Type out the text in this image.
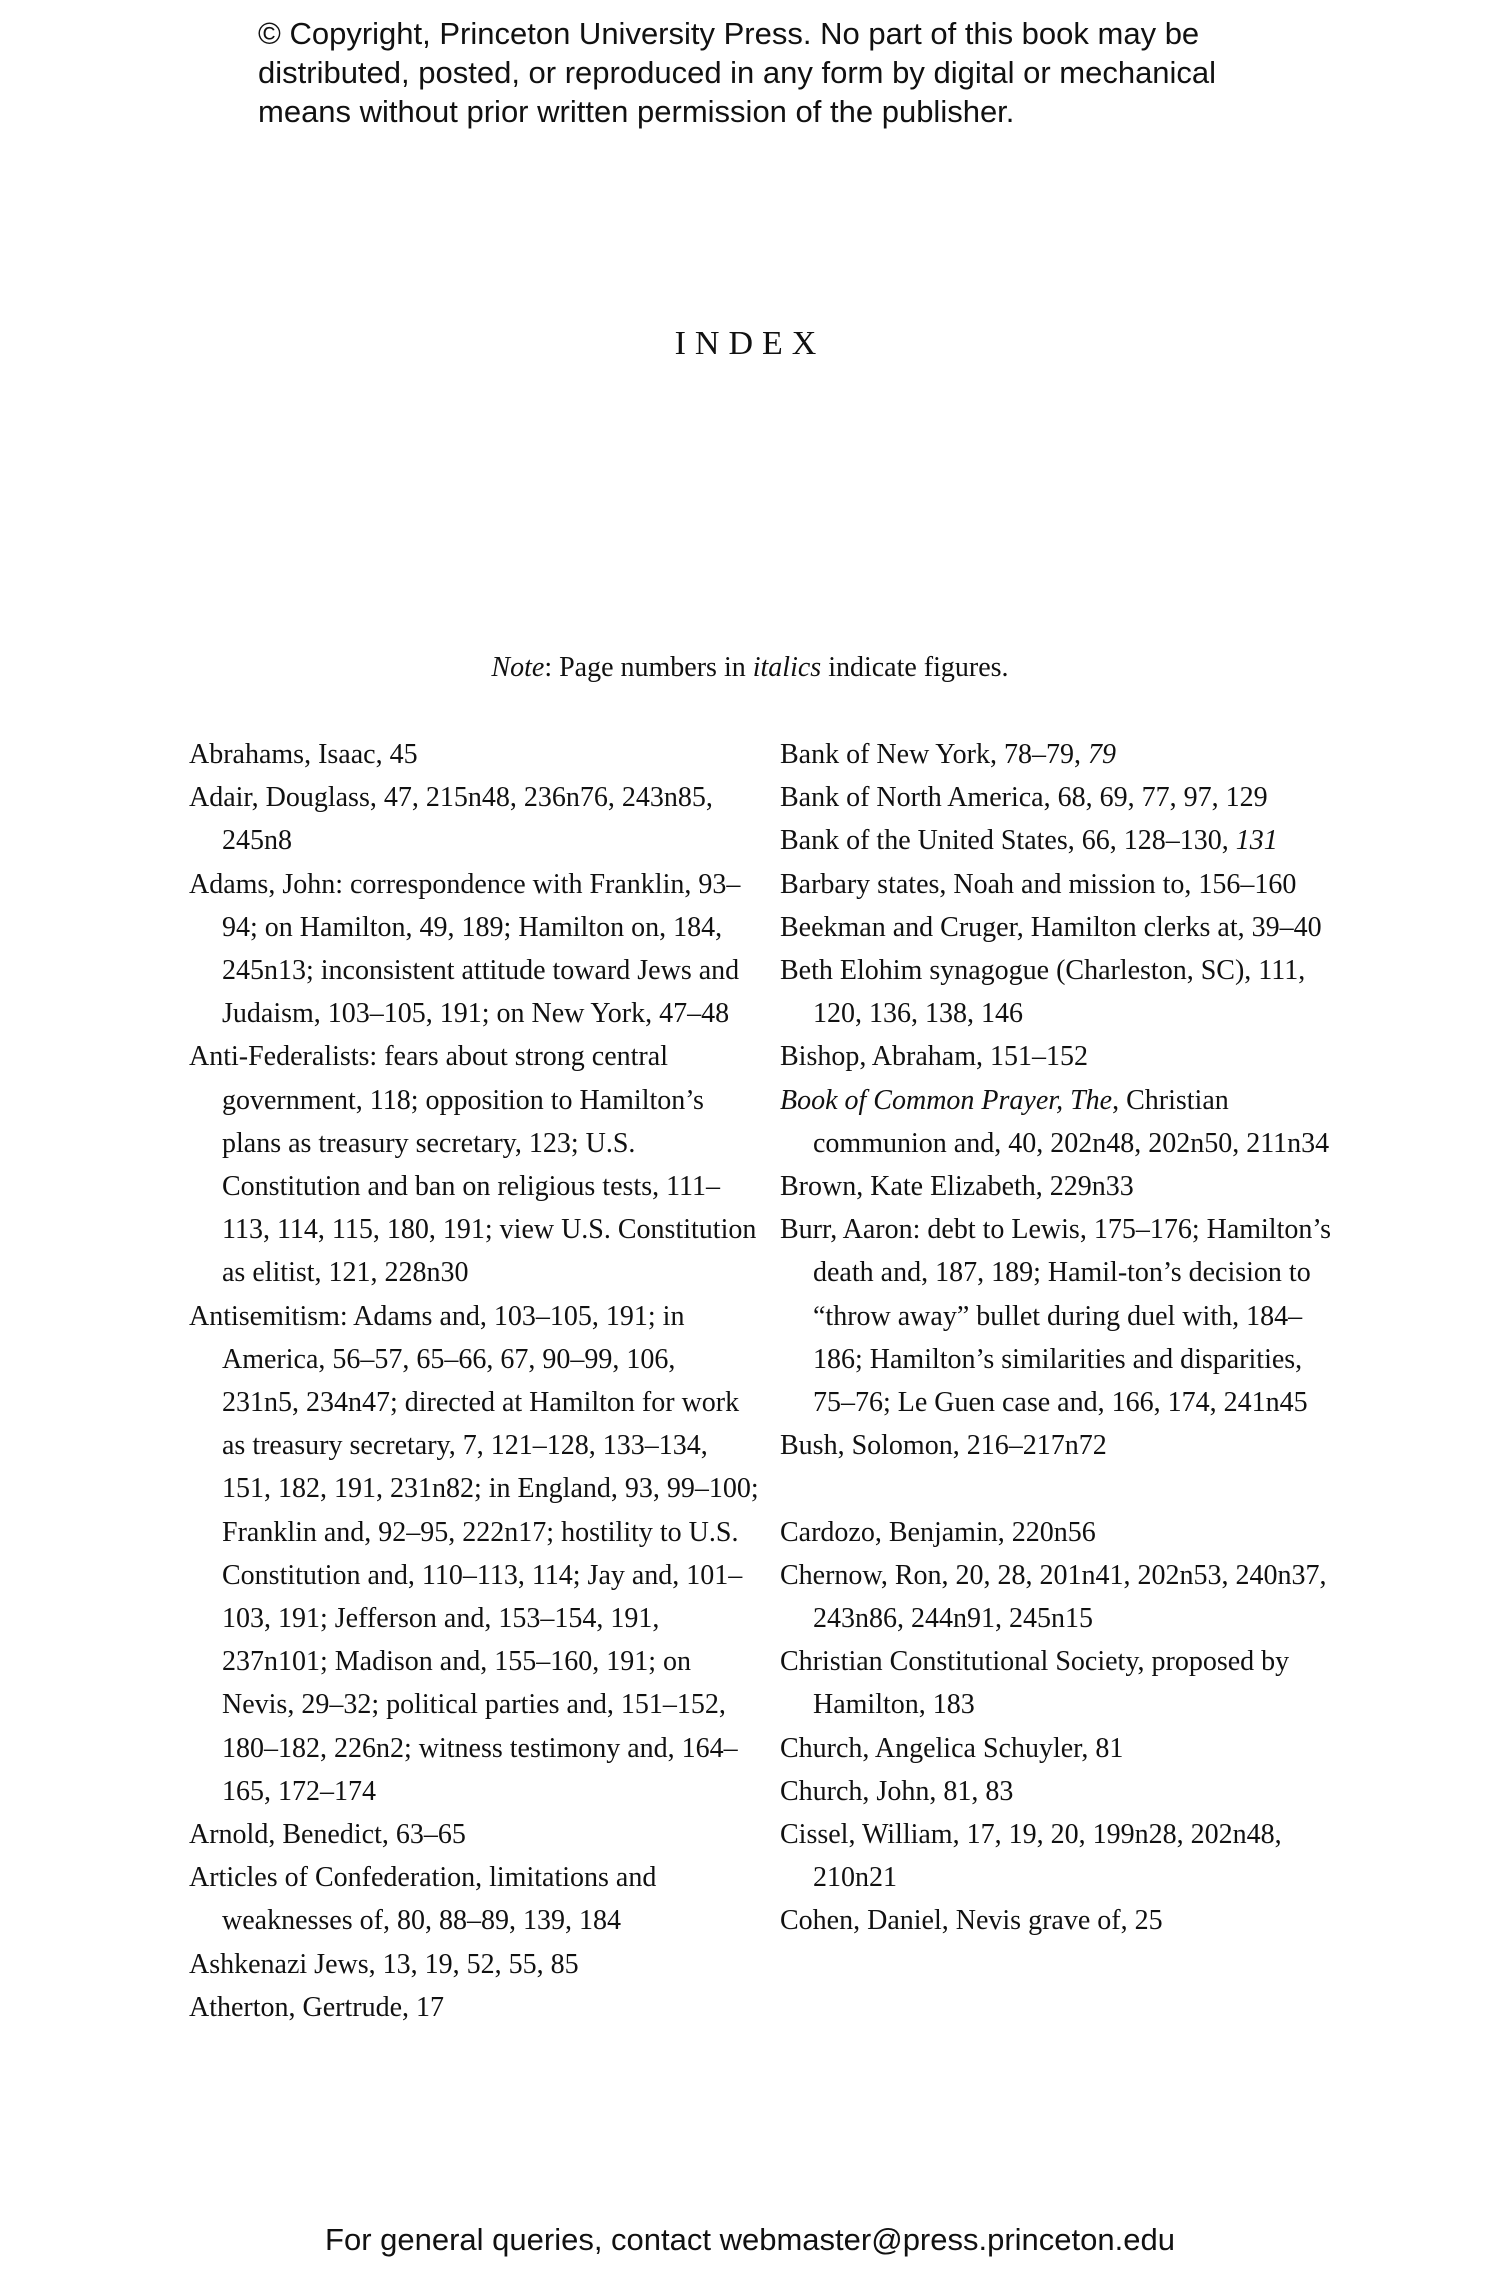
© Copyright, Princeton University Press. No part of this book may be distributed, posted, or reproduced in any form by digital or mechanical means without prior written permission of the publisher.
INDEX
Note: Page numbers in italics indicate figures.
Abrahams, Isaac, 45
Adair, Douglass, 47, 215n48, 236n76, 243n85, 245n8
Adams, John: correspondence with Franklin, 93–94; on Hamilton, 49, 189; Hamilton on, 184, 245n13; inconsistent attitude toward Jews and Judaism, 103–105, 191; on New York, 47–48
Anti-Federalists: fears about strong central government, 118; opposition to Hamilton’s plans as treasury secretary, 123; U.S. Constitution and ban on religious tests, 111–113, 114, 115, 180, 191; view U.S. Constitution as elitist, 121, 228n30
Antisemitism: Adams and, 103–105, 191; in America, 56–57, 65–66, 67, 90–99, 106, 231n5, 234n47; directed at Hamilton for work as treasury secretary, 7, 121–128, 133–134, 151, 182, 191, 231n82; in England, 93, 99–100; Franklin and, 92–95, 222n17; hostility to U.S. Constitution and, 110–113, 114; Jay and, 101–103, 191; Jefferson and, 153–154, 191, 237n101; Madison and, 155–160, 191; on Nevis, 29–32; political parties and, 151–152, 180–182, 226n2; witness testimony and, 164–165, 172–174
Arnold, Benedict, 63–65
Articles of Confederation, limitations and weaknesses of, 80, 88–89, 139, 184
Ashkenazi Jews, 13, 19, 52, 55, 85
Atherton, Gertrude, 17
Bank of New York, 78–79, 79
Bank of North America, 68, 69, 77, 97, 129
Bank of the United States, 66, 128–130, 131
Barbary states, Noah and mission to, 156–160
Beekman and Cruger, Hamilton clerks at, 39–40
Beth Elohim synagogue (Charleston, SC), 111, 120, 136, 138, 146
Bishop, Abraham, 151–152
Book of Common Prayer, The, Christian communion and, 40, 202n48, 202n50, 211n34
Brown, Kate Elizabeth, 229n33
Burr, Aaron: debt to Lewis, 175–176; Hamilton’s death and, 187, 189; Hamil-ton’s decision to “throw away” bullet during duel with, 184–186; Hamilton’s similarities and disparities, 75–76; Le Guen case and, 166, 174, 241n45
Bush, Solomon, 216–217n72
Cardozo, Benjamin, 220n56
Chernow, Ron, 20, 28, 201n41, 202n53, 240n37, 243n86, 244n91, 245n15
Christian Constitutional Society, proposed by Hamilton, 183
Church, Angelica Schuyler, 81
Church, John, 81, 83
Cissel, William, 17, 19, 20, 199n28, 202n48, 210n21
Cohen, Daniel, Nevis grave of, 25
For general queries, contact webmaster@press.princeton.edu
